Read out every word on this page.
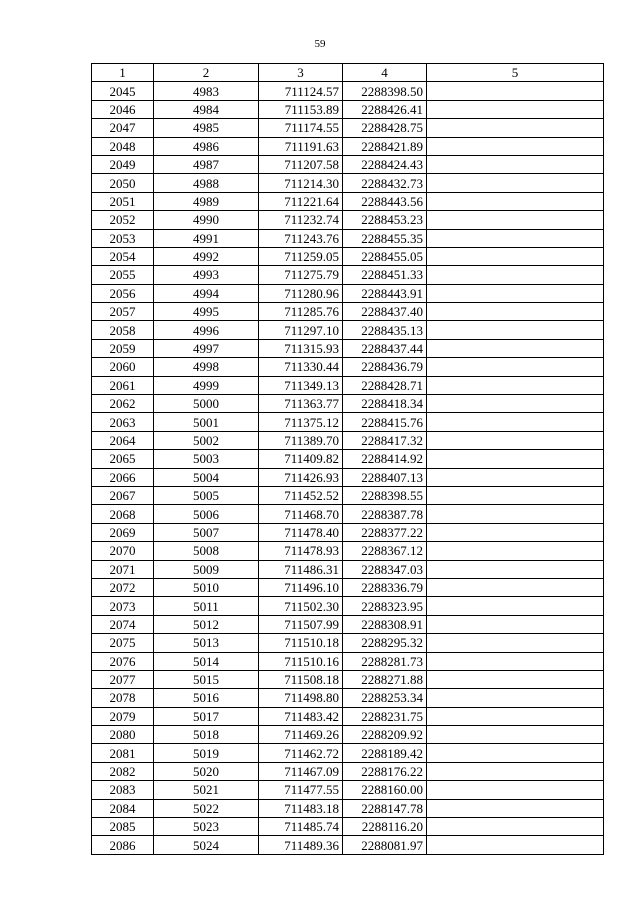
59
1	2	3	4	5
2045	4983	711124.57	2288398.50	
2046	4984	711153.89	2288426.41	
2047	4985	711174.55	2288428.75	
2048	4986	711191.63	2288421.89	
2049	4987	711207.58	2288424.43	
2050	4988	711214.30	2288432.73	
2051	4989	711221.64	2288443.56	
2052	4990	711232.74	2288453.23	
2053	4991	711243.76	2288455.35	
2054	4992	711259.05	2288455.05	
2055	4993	711275.79	2288451.33	
2056	4994	711280.96	2288443.91	
2057	4995	711285.76	2288437.40	
2058	4996	711297.10	2288435.13	
2059	4997	711315.93	2288437.44	
2060	4998	711330.44	2288436.79	
2061	4999	711349.13	2288428.71	
2062	5000	711363.77	2288418.34	
2063	5001	711375.12	2288415.76	
2064	5002	711389.70	2288417.32	
2065	5003	711409.82	2288414.92	
2066	5004	711426.93	2288407.13	
2067	5005	711452.52	2288398.55	
2068	5006	711468.70	2288387.78	
2069	5007	711478.40	2288377.22	
2070	5008	711478.93	2288367.12	
2071	5009	711486.31	2288347.03	
2072	5010	711496.10	2288336.79	
2073	5011	711502.30	2288323.95	
2074	5012	711507.99	2288308.91	
2075	5013	711510.18	2288295.32	
2076	5014	711510.16	2288281.73	
2077	5015	711508.18	2288271.88	
2078	5016	711498.80	2288253.34	
2079	5017	711483.42	2288231.75	
2080	5018	711469.26	2288209.92	
2081	5019	711462.72	2288189.42	
2082	5020	711467.09	2288176.22	
2083	5021	711477.55	2288160.00	
2084	5022	711483.18	2288147.78	
2085	5023	711485.74	2288116.20	
2086	5024	711489.36	2288081.97	
